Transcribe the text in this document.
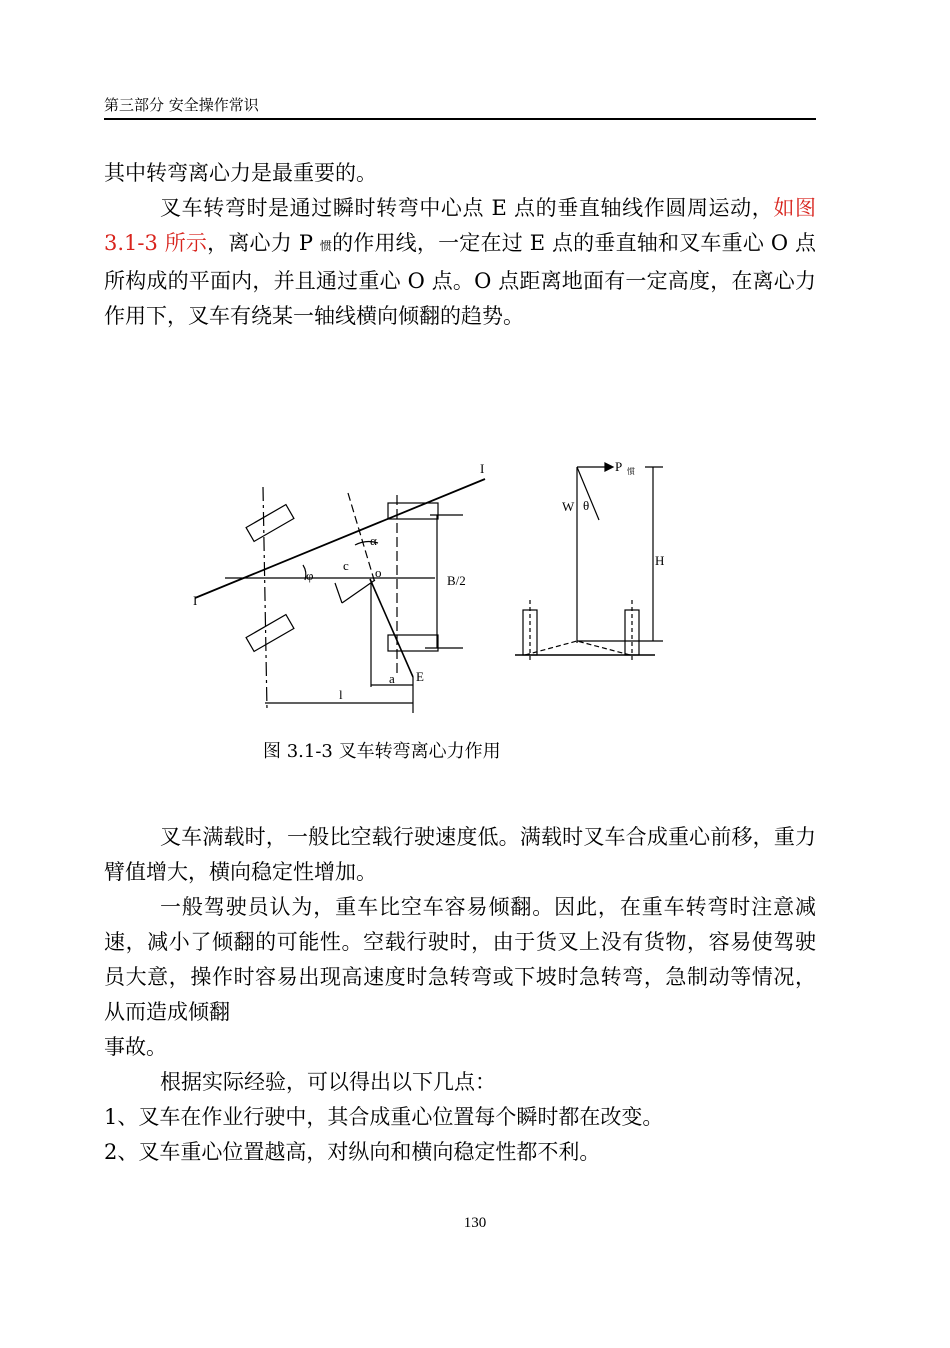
第三部分 安全操作常识

其中转弯离心力是最重要的。

叉车转弯时是通过瞬时转弯中心点 E 点的垂直轴线作圆周运动，如图 3.1-3 所示，离心力 P 惯的作用线，一定在过 E 点的垂直轴和叉车重心 O 点所构成的平面内，并且通过重心 O 点。O 点距离地面有一定高度，在离心力作用下，叉车有绕某一轴线横向倾翻的趋势。

I
I
φ
α
c o
B/2
a E
l
P 惯
W θ
H
图 3.1-3 叉车转弯离心力作用

叉车满载时，一般比空载行驶速度低。满载时叉车合成重心前移，重力臂值增大，横向稳定性增加。

一般驾驶员认为，重车比空车容易倾翻。因此，在重车转弯时注意减速，减小了倾翻的可能性。空载行驶时，由于货叉上没有货物，容易使驾驶员大意，操作时容易出现高速度时急转弯或下坡时急转弯，急制动等情况，从而造成倾翻

事故。

根据实际经验，可以得出以下几点：

1、叉车在作业行驶中，其合成重心位置每个瞬时都在改变。

2、叉车重心位置越高，对纵向和横向稳定性都不利。

130
